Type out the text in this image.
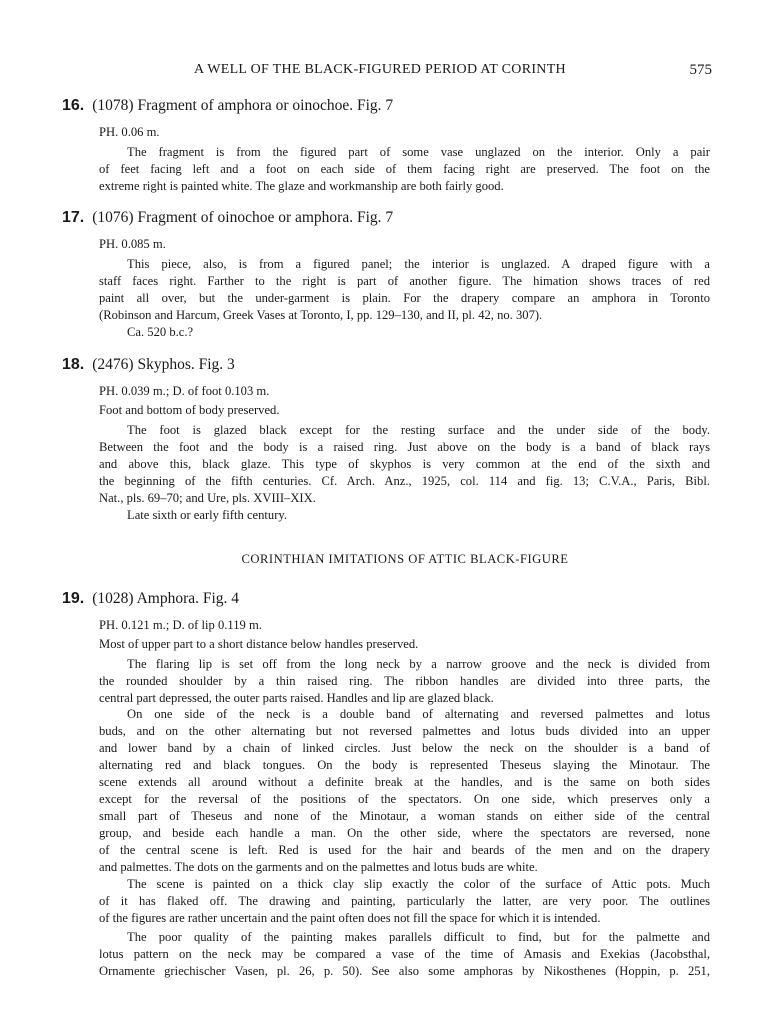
A WELL OF THE BLACK-FIGURED PERIOD AT CORINTH	575
16. (1078) Fragment of amphora or oinochoe. Fig. 7
PH. 0.06 m.
The fragment is from the figured part of some vase unglazed on the interior. Only a pair
of feet facing left and a foot on each side of them facing right are preserved. The foot on the
extreme right is painted white. The glaze and workmanship are both fairly good.
17. (1076) Fragment of oinochoe or amphora. Fig. 7
PH. 0.085 m.
This piece, also, is from a figured panel; the interior is unglazed. A draped figure with a
staff faces right. Farther to the right is part of another figure. The himation shows traces of red
paint all over, but the under-garment is plain. For the drapery compare an amphora in Toronto
(Robinson and Harcum, Greek Vases at Toronto, I, pp. 129–130, and II, pl. 42, no. 307).
Ca. 520 b.c.?
18. (2476) Skyphos. Fig. 3
PH. 0.039 m.; D. of foot 0.103 m.
Foot and bottom of body preserved.
The foot is glazed black except for the resting surface and the under side of the body.
Between the foot and the body is a raised ring. Just above on the body is a band of black rays
and above this, black glaze. This type of skyphos is very common at the end of the sixth and
the beginning of the fifth centuries. Cf. Arch. Anz., 1925, col. 114 and fig. 13; C.V.A., Paris, Bibl.
Nat., pls. 69–70; and Ure, pls. XVIII–XIX.
Late sixth or early fifth century.
CORINTHIAN IMITATIONS OF ATTIC BLACK-FIGURE
19. (1028) Amphora. Fig. 4
PH. 0.121 m.; D. of lip 0.119 m.
Most of upper part to a short distance below handles preserved.
The flaring lip is set off from the long neck by a narrow groove and the neck is divided from
the rounded shoulder by a thin raised ring. The ribbon handles are divided into three parts, the
central part depressed, the outer parts raised. Handles and lip are glazed black.
On one side of the neck is a double band of alternating and reversed palmettes and lotus
buds, and on the other alternating but not reversed palmettes and lotus buds divided into an upper
and lower band by a chain of linked circles. Just below the neck on the shoulder is a band of
alternating red and black tongues. On the body is represented Theseus slaying the Minotaur. The
scene extends all around without a definite break at the handles, and is the same on both sides
except for the reversal of the positions of the spectators. On one side, which preserves only a
small part of Theseus and none of the Minotaur, a woman stands on either side of the central
group, and beside each handle a man. On the other side, where the spectators are reversed, none
of the central scene is left. Red is used for the hair and beards of the men and on the drapery
and palmettes. The dots on the garments and on the palmettes and lotus buds are white.
The scene is painted on a thick clay slip exactly the color of the surface of Attic pots. Much
of it has flaked off. The drawing and painting, particularly the latter, are very poor. The outlines
of the figures are rather uncertain and the paint often does not fill the space for which it is intended.
The poor quality of the painting makes parallels difficult to find, but for the palmette and
lotus pattern on the neck may be compared a vase of the time of Amasis and Exekias (Jacobsthal,
Ornamente griechischer Vasen, pl. 26, p. 50). See also some amphoras by Nikosthenes (Hoppin, p. 251,
